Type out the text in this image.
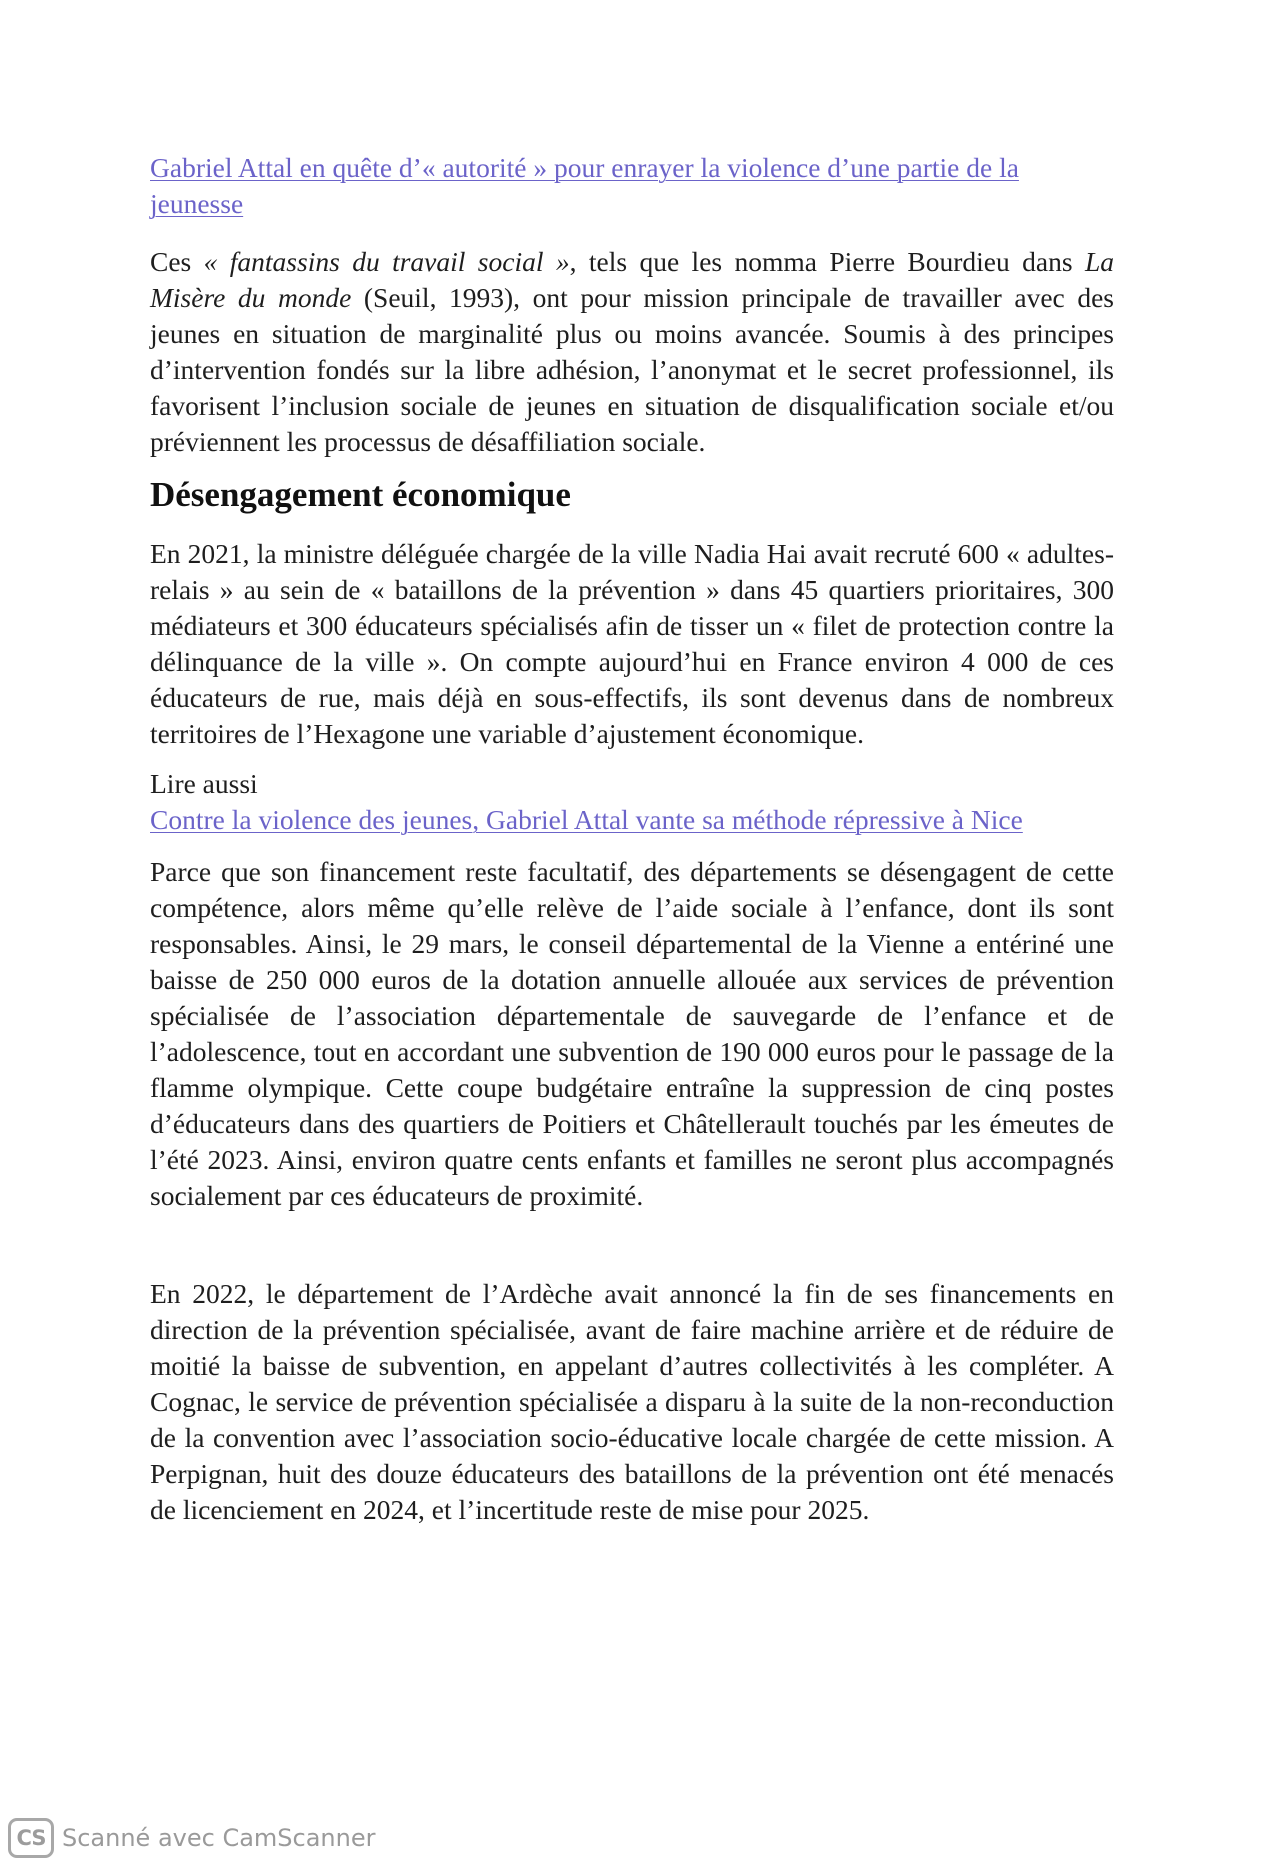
Gabriel Attal en quête d’« autorité » pour enrayer la violence d’une partie de la jeunesse

Ces « fantassins du travail social », tels que les nomma Pierre Bourdieu dans La Misère du monde (Seuil, 1993), ont pour mission principale de travailler avec des jeunes en situation de marginalité plus ou moins avancée. Soumis à des principes d’intervention fondés sur la libre adhésion, l’anonymat et le secret professionnel, ils favorisent l’inclusion sociale de jeunes en situation de disqualification sociale et/ou préviennent les processus de désaffiliation sociale.

Désengagement économique

En 2021, la ministre déléguée chargée de la ville Nadia Hai avait recruté 600 « adultes-relais » au sein de « bataillons de la prévention » dans 45 quartiers prioritaires, 300 médiateurs et 300 éducateurs spécialisés afin de tisser un « filet de protection contre la délinquance de la ville ». On compte aujourd’hui en France environ 4 000 de ces éducateurs de rue, mais déjà en sous-effectifs, ils sont devenus dans de nombreux territoires de l’Hexagone une variable d’ajustement économique.

Lire aussi
Contre la violence des jeunes, Gabriel Attal vante sa méthode répressive à Nice

Parce que son financement reste facultatif, des départements se désengagent de cette compétence, alors même qu’elle relève de l’aide sociale à l’enfance, dont ils sont responsables. Ainsi, le 29 mars, le conseil départemental de la Vienne a entériné une baisse de 250 000 euros de la dotation annuelle allouée aux services de prévention spécialisée de l’association départementale de sauvegarde de l’enfance et de l’adolescence, tout en accordant une subvention de 190 000 euros pour le passage de la flamme olympique. Cette coupe budgétaire entraîne la suppression de cinq postes d’éducateurs dans des quartiers de Poitiers et Châtellerault touchés par les émeutes de l’été 2023. Ainsi, environ quatre cents enfants et familles ne seront plus accompagnés socialement par ces éducateurs de proximité.

En 2022, le département de l’Ardèche avait annoncé la fin de ses financements en direction de la prévention spécialisée, avant de faire machine arrière et de réduire de moitié la baisse de subvention, en appelant d’autres collectivités à les compléter. A Cognac, le service de prévention spécialisée a disparu à la suite de la non-reconduction de la convention avec l’association socio-éducative locale chargée de cette mission. A Perpignan, huit des douze éducateurs des bataillons de la prévention ont été menacés de licenciement en 2024, et l’incertitude reste de mise pour 2025.

CS Scanné avec CamScanner
